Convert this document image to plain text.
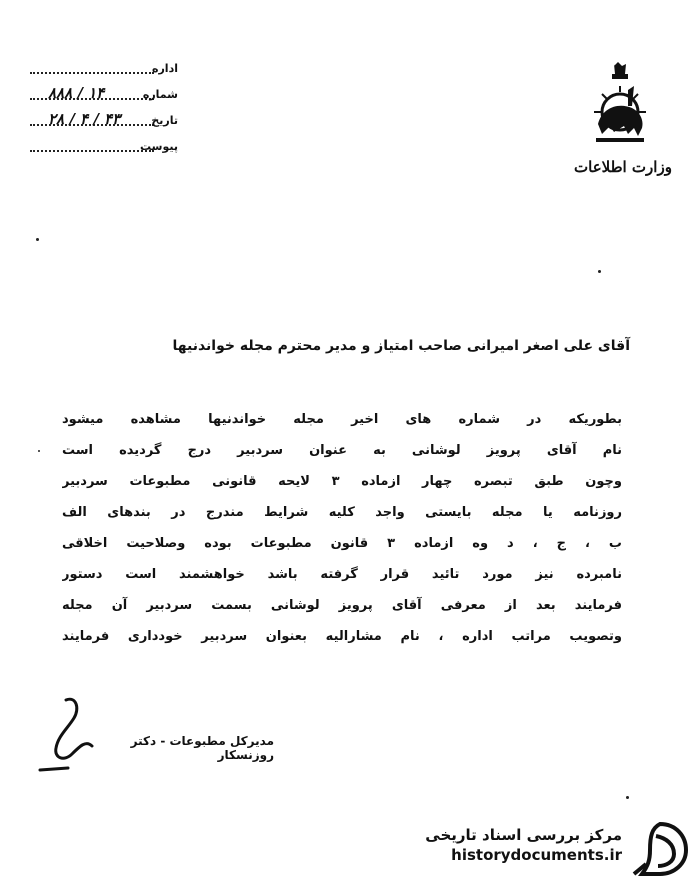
اداره
شماره
۸۸۸ / ۱۴
تاریخ
۲۸ / ۴ / ۴۳
پیوست
وزارت اطلاعات
آقای علی اصغر امیرانی صاحب امتیاز و مدیر محترم مجله خواندنیها
بطوریکه در شماره های اخیر مجله خواندنیها مشاهده میشود
نام آقای پرویز لوشانی به عنوان سردبیر درج گردیده است
وچون طبق تبصره چهار ازماده ۳ لایحه قانونی مطبوعات سردبیر
روزنامه یا مجله بایستی واجد کلیه شرایط مندرج در بندهای الف
ب ، ج ، د وه ازماده ۳ قانون مطبوعات بوده وصلاحیت اخلاقی
نامبرده نیز مورد تائید قرار گرفته باشد خواهشمند است دستور
فرمایند بعد از معرفی آقای پرویز لوشانی بسمت سردبیر آن مجله
وتصویب مراتب اداره ، نام مشارالیه بعنوان سردبیر خودداری فرمایند
مدیرکل مطبوعات - دکتر روزنسکار
مرکز بررسی اسناد تاریخی
historydocuments.ir
